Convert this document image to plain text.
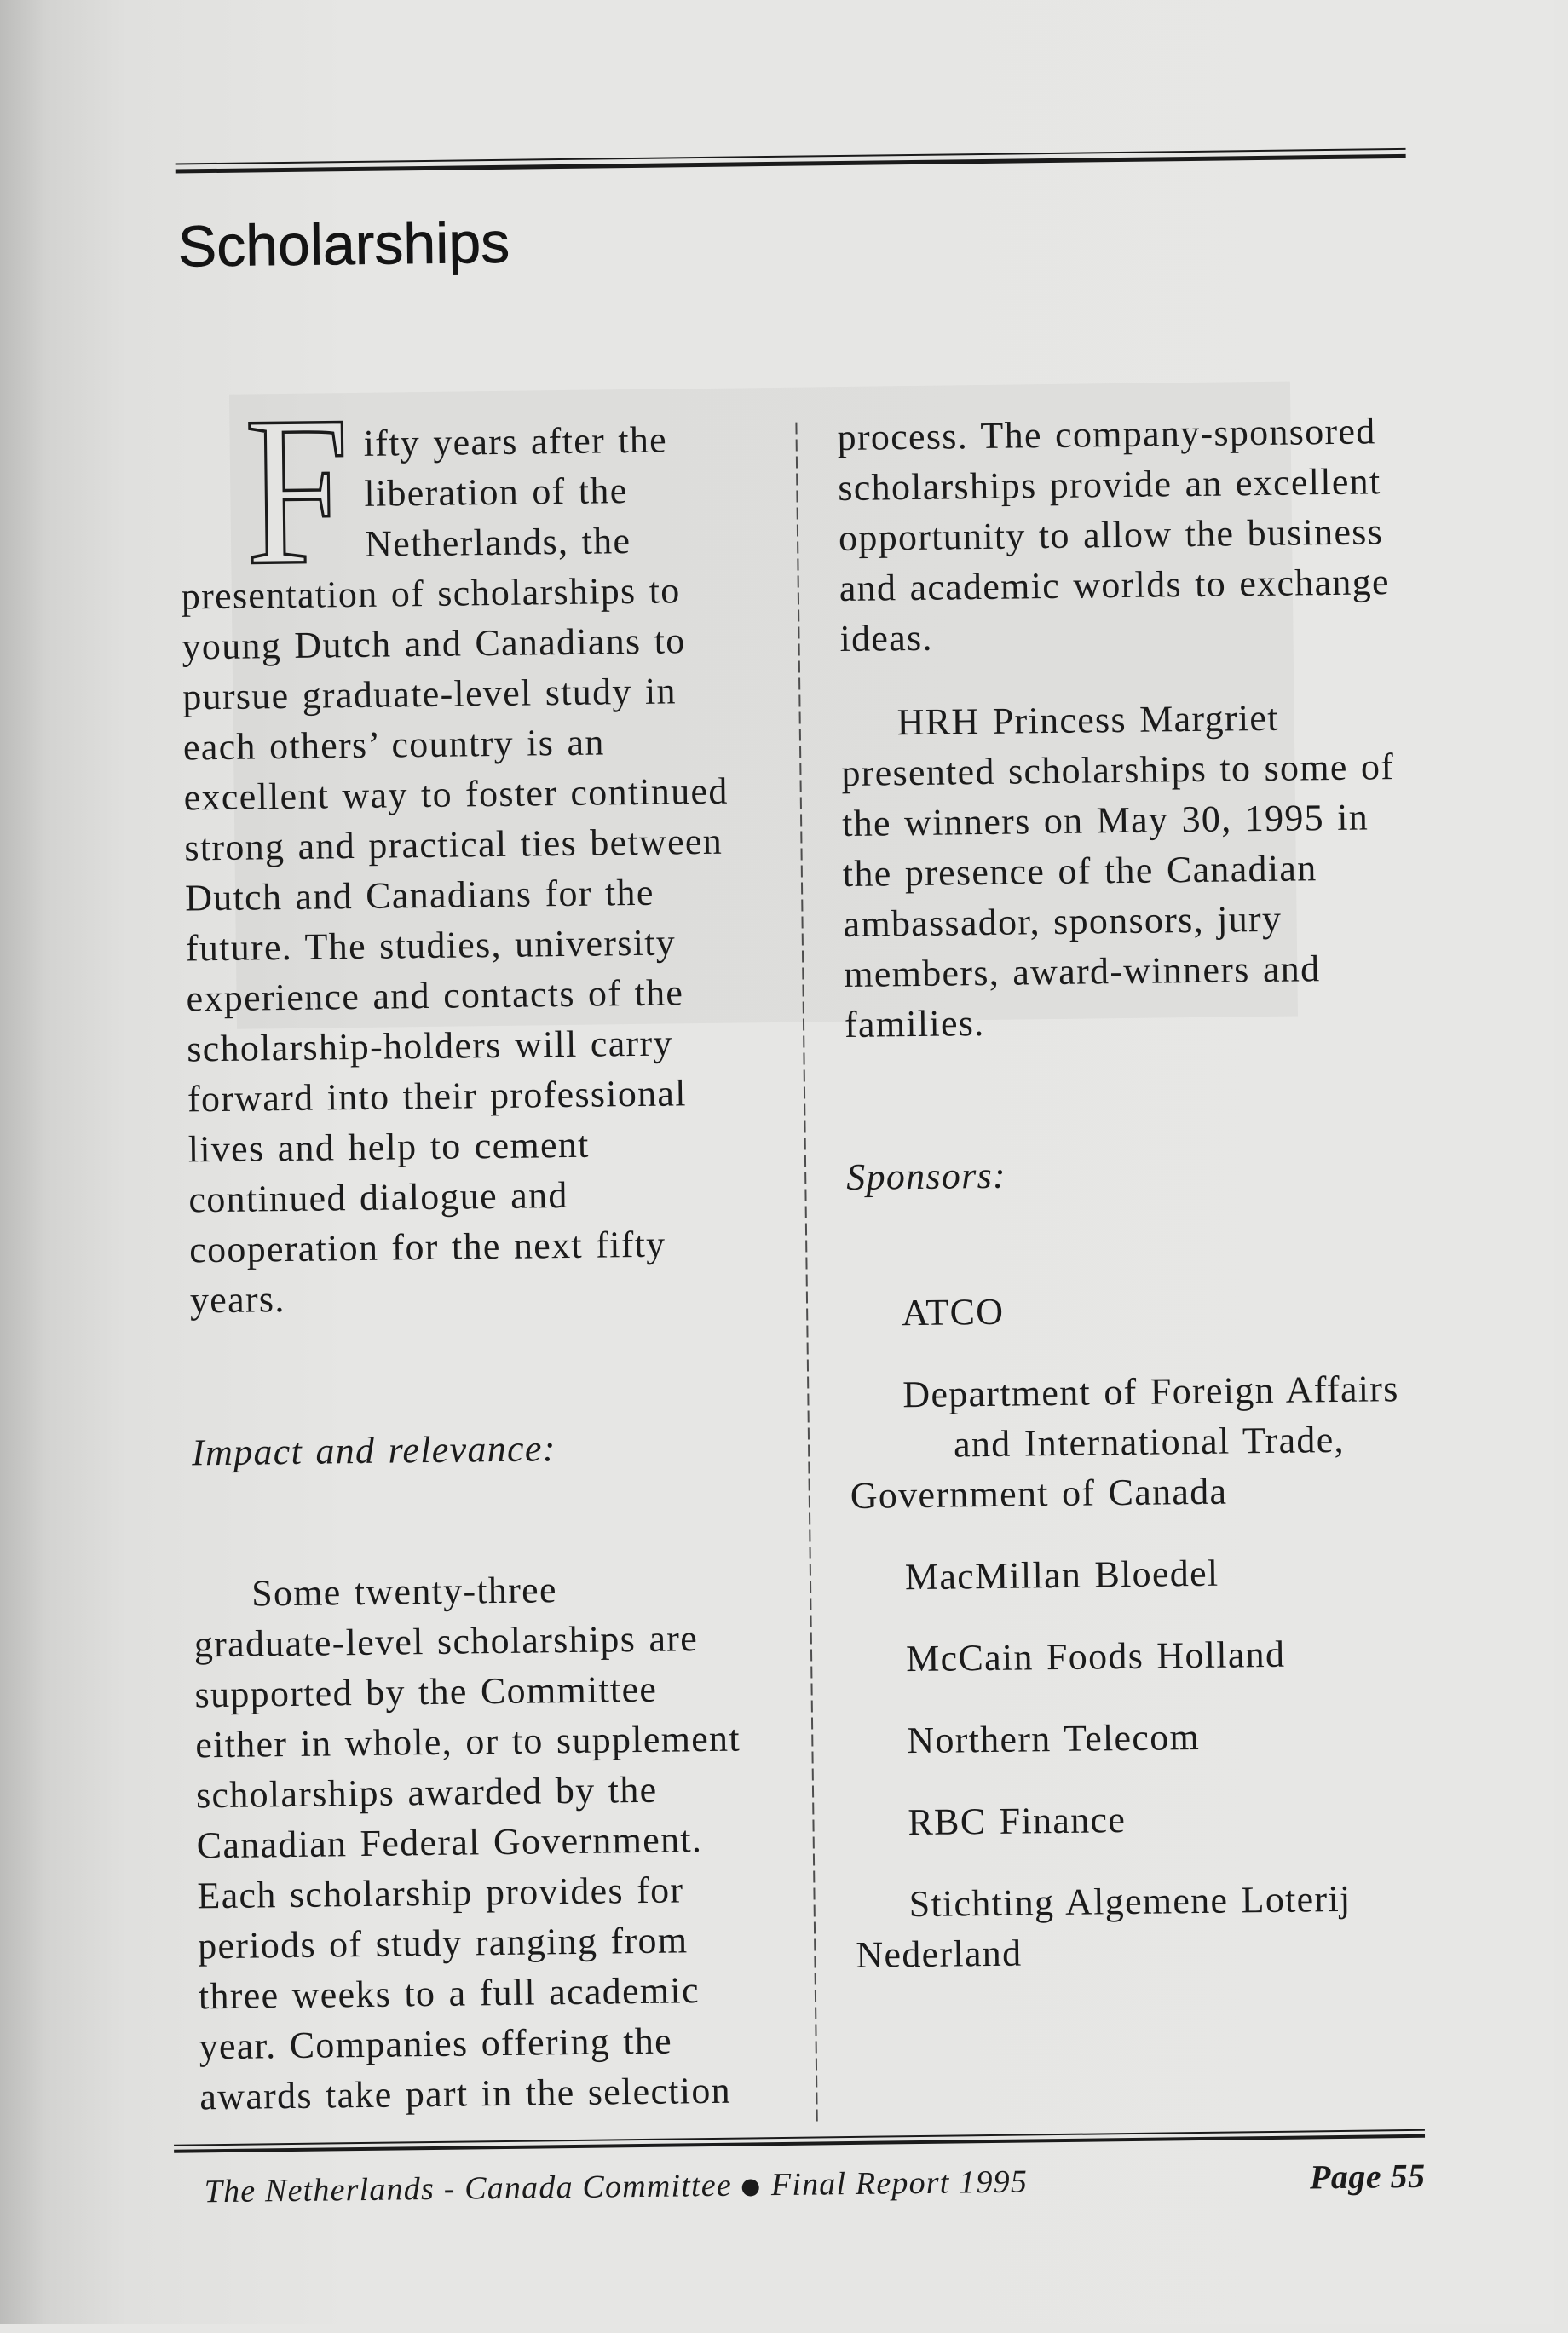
Scholarships

F
ifty years after the
liberation of the
Netherlands, the
presentation of scholarships to
young Dutch and Canadians to
pursue graduate-level study in
each others’ country is an
excellent way to foster continued
strong and practical ties between
Dutch and Canadians for the
future. The studies, university
experience and contacts of the
scholarship-holders will carry
forward into their professional
lives and help to cement
continued dialogue and
cooperation for the next fifty
years.

Impact and relevance:

Some twenty-three
graduate-level scholarships are
supported by the Committee
either in whole, or to supplement
scholarships awarded by the
Canadian Federal Government.
Each scholarship provides for
periods of study ranging from
three weeks to a full academic
year. Companies offering the
awards take part in the selection

process. The company-sponsored
scholarships provide an excellent
opportunity to allow the business
and academic worlds to exchange
ideas.

HRH Princess Margriet
presented scholarships to some of
the winners on May 30, 1995 in
the presence of the Canadian
ambassador, sponsors, jury
members, award-winners and
families.

Sponsors:

ATCO
Department of Foreign Affairs
and International Trade,
Government of Canada
MacMillan Bloedel
McCain Foods Holland
Northern Telecom
RBC Finance
Stichting Algemene Loterij
Nederland
The Netherlands - Canada Committee Final Report 1995	Page 55
